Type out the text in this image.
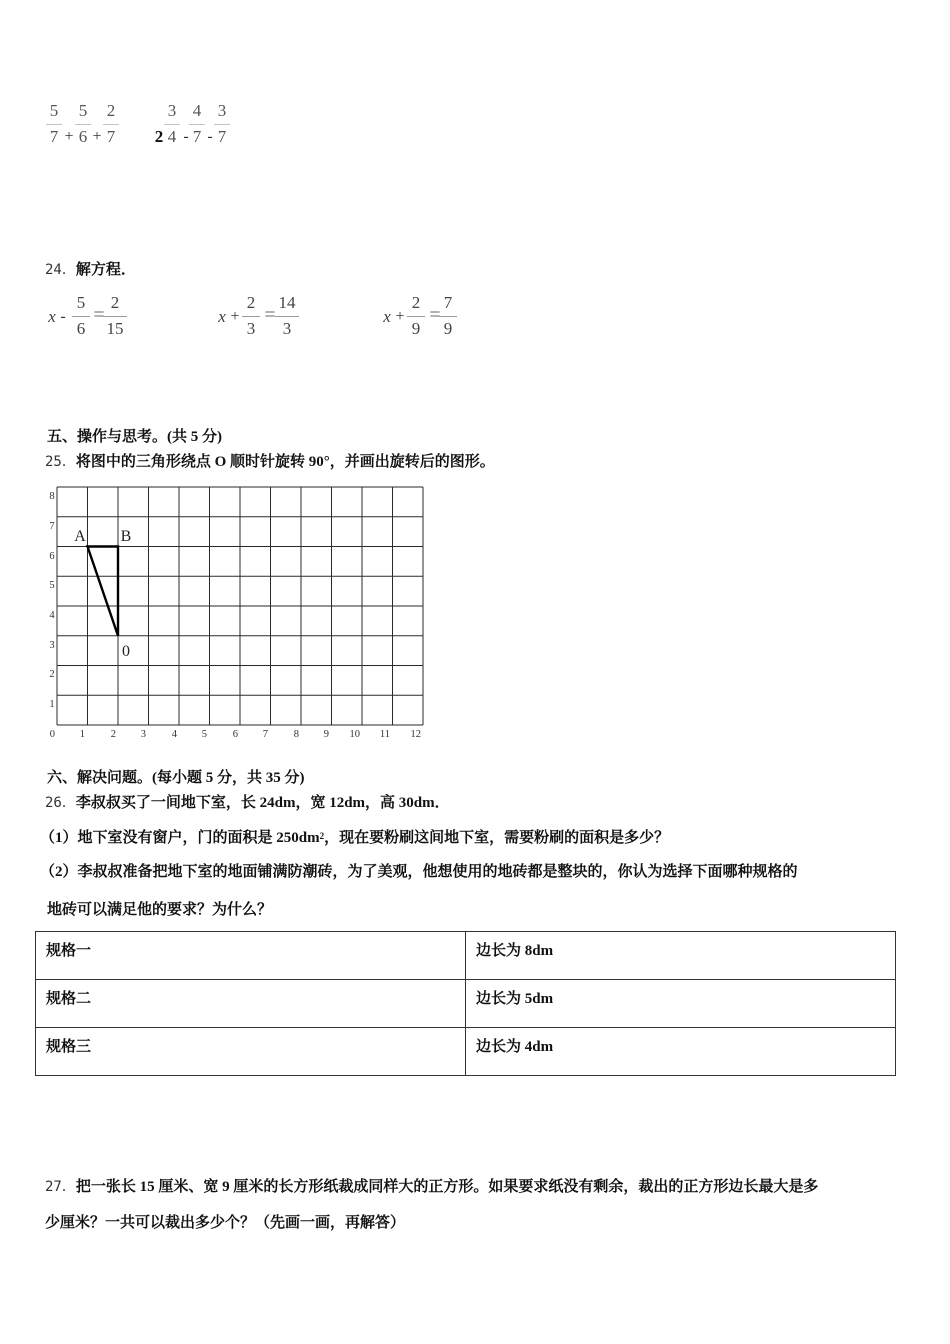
5
7 +
5
6 +
2
7	2
3
4 -
4
7 -
3
7
24．解方程．
x -
5
6
=
2
15
x +
2
3
=
14
3
x +
2
9
=
7
9
五、操作与思考。(共 5 分)
25．将图中的三角形绕点 O 顺时针旋转 90°，并画出旋转后的图形。
0 1 2 3 4 5 6 7 8 9 10 11 12
1
2
3
4
5
6
7
8
A B
0
六、解决问题。(每小题 5 分，共 35 分)
26．李叔叔买了一间地下室，长 24dm，宽 12dm，高 30dm．
（1）地下室没有窗户，门的面积是 $250dm^2$，现在要粉刷这间地下室，需要粉刷的面积是多少？
（2）李叔叔准备把地下室的地面铺满防潮砖，为了美观，他想使用的地砖都是整块的，你认为选择下面哪种规格的
地砖可以满足他的要求？为什么？
规格一	边长为 8dm

规格二	边长为 5dm

规格三	边长为 4dm
27．把一张长 15 厘米、宽 9 厘米的长方形纸裁成同样大的正方形。如果要求纸没有剩余，裁出的正方形边长最大是多
少厘米？一共可以裁出多少个？（先画一画，再解答）
